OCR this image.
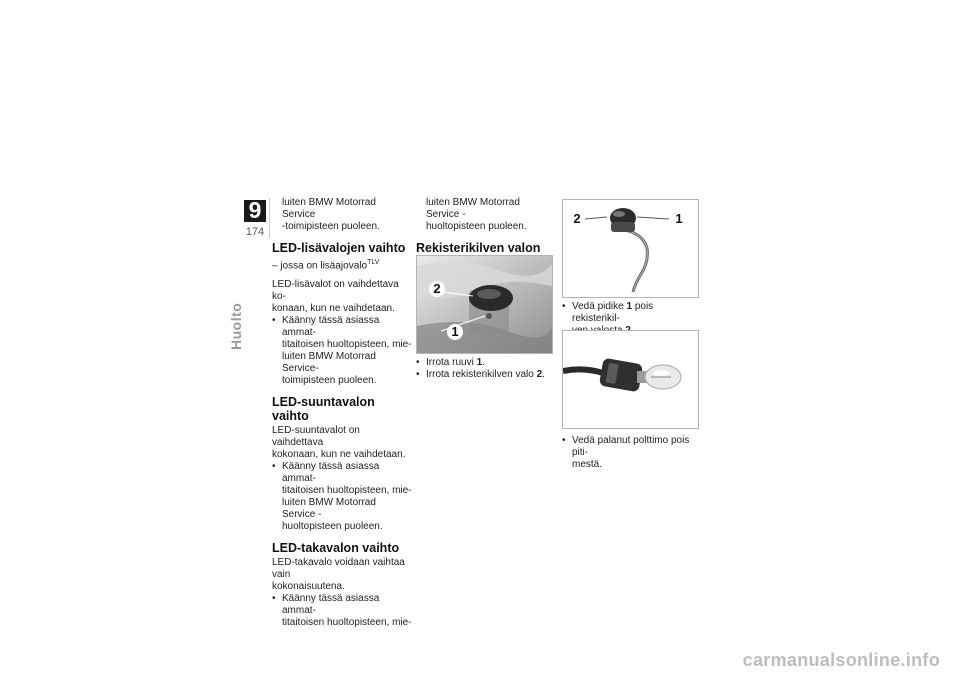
9
174
Huolto

luiten BMW Motorrad Service

-toimipisteen puoleen.

LED-lisävalojen vaihto

– jossa on lisäajovalo$^{TLV}$

LED-lisävalot on vaihdettava ko-

konaan, kun ne vaihdetaan.

• Käänny tässä asiassa ammat-

titaitoisen huoltopisteen, mie-

luiten BMW Motorrad Service-

toimipisteen puoleen.

LED-suuntavalon vaihto

LED-suuntavalot on vaihdettava

kokonaan, kun ne vaihdetaan.

• Käänny tässä asiassa ammat-

titaitoisen huoltopisteen, mie-

luiten BMW Motorrad Service -

huoltopisteen puoleen.

LED-takavalon vaihto

LED-takavalo voidaan vaihtaa vain

kokonaisuutena.

• Käänny tässä asiassa ammat-

titaitoisen huoltopisteen, mie-

luiten BMW Motorrad Service -

huoltopisteen puoleen.

Rekisterikilven valon

2
1

• Irrota ruuvi 1.

• Irrota rekisterikilven valo 2.

2	1

• Vedä pidike 1 pois rekisterikil-

• Vedä palanut polttimo pois piti-

mestä.

carmanualsonline.info
